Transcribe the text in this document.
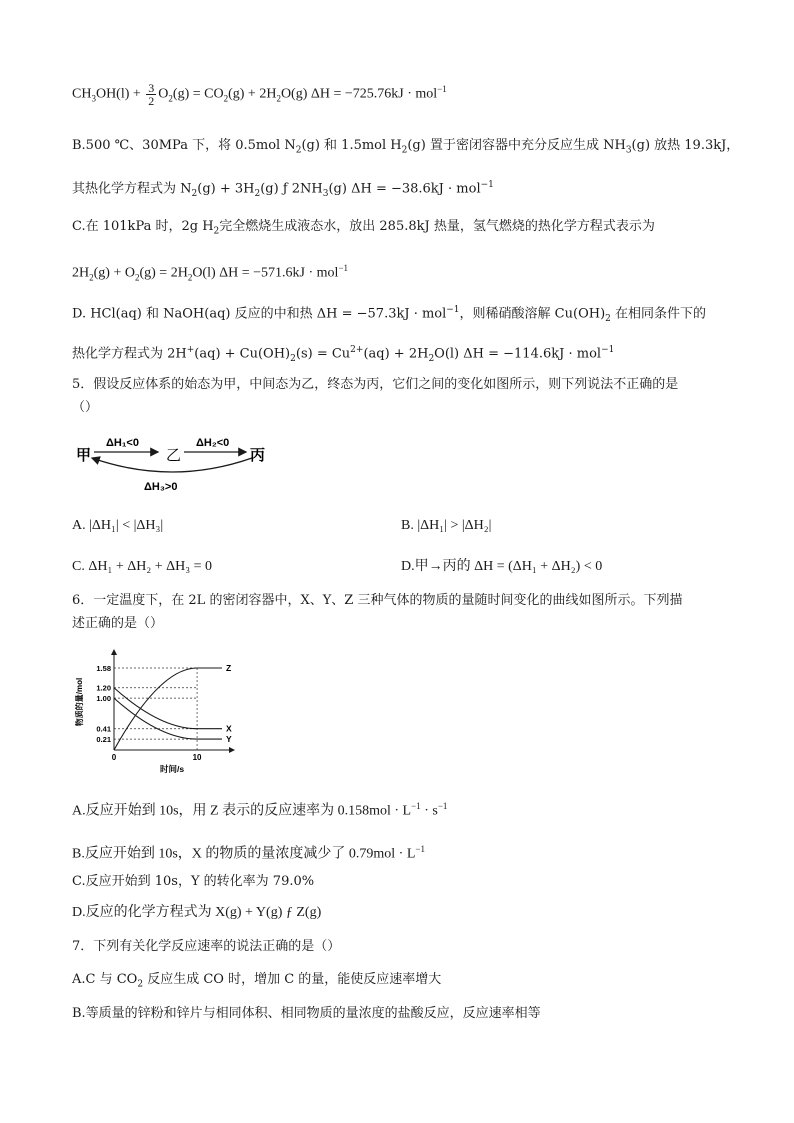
$CH_3OH(l) + \frac{3}{2} O_2(g) = CO_2(g) + 2H_2O(g) \Delta H = -725.76kJ \cdot mol^{-1}$
B.500 ℃、30MPa 下，将 0.5mol $N_2(g)$ 和 1.5mol $H_2(g)$ 置于密闭容器中充分反应生成 $NH_3(g)$ 放热 19.3kJ，
其热化学方程式为 $N_2(g) + 3H_2(g)$ ƒ $2NH_3(g) \Delta H = -38.6kJ \cdot mol^{-1}$
C.在 101kPa 时，2g $H_2$完全燃烧生成液态水，放出 285.8kJ 热量，氢气燃烧的热化学方程式表示为
$2H_2(g) + O_2(g) = 2H_2O(l) \Delta H = -571.6kJ \cdot mol^{-1}$
D. HCl(aq) 和 NaOH(aq) 反应的中和热 ΔH = −57.3kJ · mol$^{-1}$，则稀硝酸溶解 $Cu(OH)_2$ 在相同条件下的
热化学方程式为 $2H^+(aq) + Cu(OH)_2(s) = Cu^{2+}(aq) + 2H_2O(l) \Delta H = -114.6kJ \cdot mol^{-1}$
5．假设反应体系的始态为甲，中间态为乙，终态为丙，它们之间的变化如图所示，则下列说法不正确的是
（）
甲	乙	丙
ΔH₁<0	ΔH₂<0
ΔH₃>0
A. |ΔH₁| < |ΔH₃|	B. |ΔH₁| > |ΔH₂|
C. ΔH₁ + ΔH₂ + ΔH₃ = 0	D.甲→丙的 ΔH = (ΔH₁ + ΔH₂) < 0
6．一定温度下，在 2L 的密闭容器中，X、Y、Z 三种气体的物质的量随时间变化的曲线如图所示。下列描
述正确的是（）
1.58
1.20
1.00
0.41
0.21
0	10
时间/s
物质的量/mol
Z
X
Y
A.反应开始到 10s，用 Z 表示的反应速率为 $0.158mol \cdot L^{-1} \cdot s^{-1}$
B.反应开始到 10s，X 的物质的量浓度减少了 $0.79mol \cdot L^{-1}$
C.反应开始到 10s，Y 的转化率为 79.0%
D.反应的化学方程式为 X(g) + Y(g) ƒ Z(g)
7．下列有关化学反应速率的说法正确的是（）
A.C 与 $CO_2$ 反应生成 CO 时，增加 C 的量，能使反应速率增大
B.等质量的锌粉和锌片与相同体积、相同物质的量浓度的盐酸反应，反应速率相等
